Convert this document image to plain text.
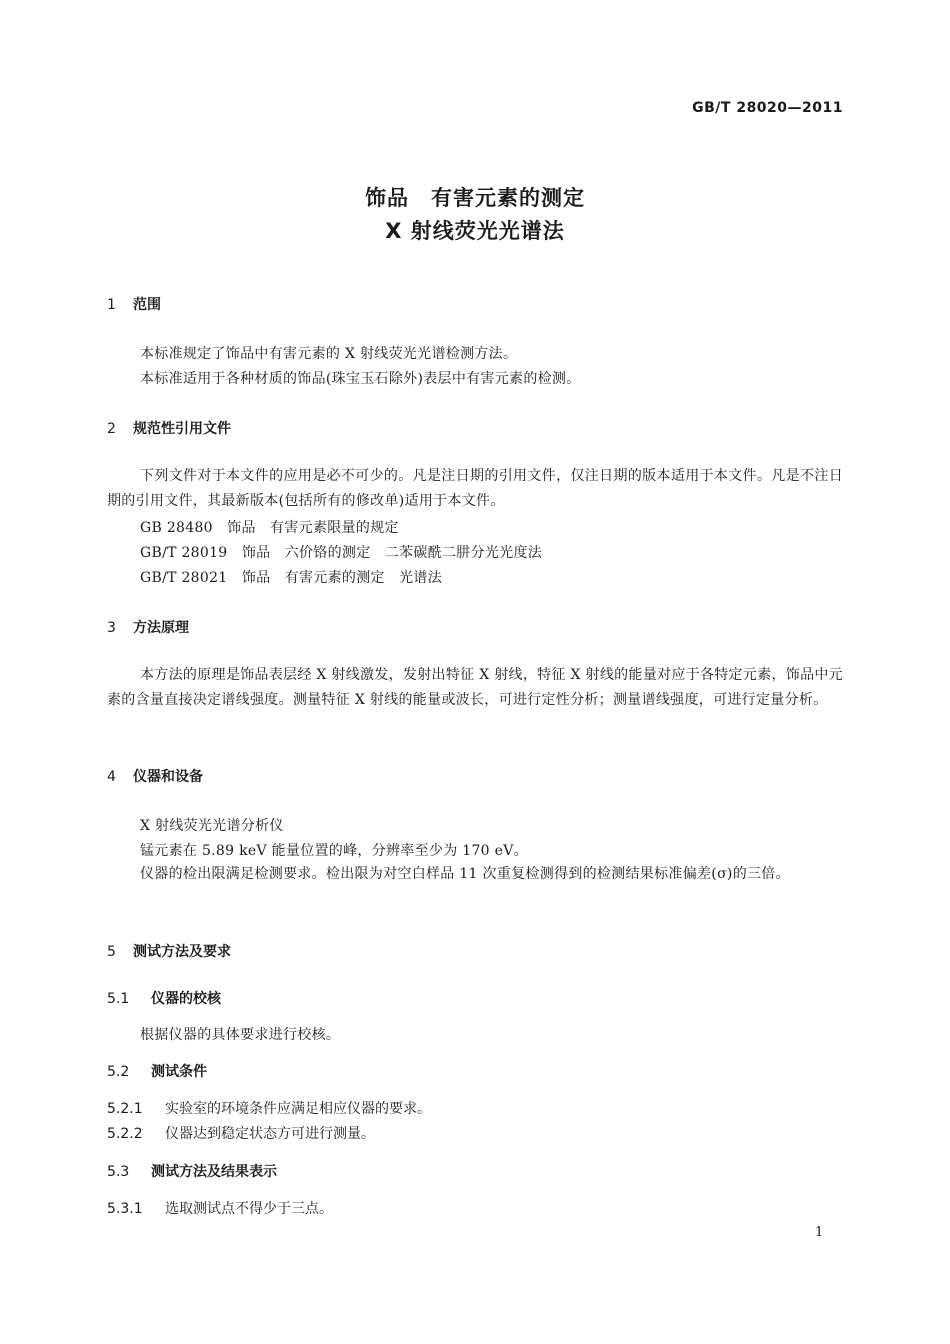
GB/T 28020—2011
饰品　有害元素的测定
X 射线荧光光谱法
1 范围
本标准规定了饰品中有害元素的 X 射线荧光光谱检测方法。
本标准适用于各种材质的饰品(珠宝玉石除外)表层中有害元素的检测。
2 规范性引用文件
下列文件对于本文件的应用是必不可少的。凡是注日期的引用文件，仅注日期的版本适用于本文件。凡是不注日期的引用文件，其最新版本(包括所有的修改单)适用于本文件。
GB 28480　饰品　有害元素限量的规定
GB/T 28019　饰品　六价铬的测定　二苯碳酰二肼分光光度法
GB/T 28021　饰品　有害元素的测定　光谱法
3 方法原理
本方法的原理是饰品表层经 X 射线激发，发射出特征 X 射线，特征 X 射线的能量对应于各特定元素，饰品中元素的含量直接决定谱线强度。测量特征 X 射线的能量或波长，可进行定性分析；测量谱线强度，可进行定量分析。
4 仪器和设备
X 射线荧光光谱分析仪
锰元素在 5.89 keV 能量位置的峰，分辨率至少为 170 eV。
仪器的检出限满足检测要求。检出限为对空白样品 11 次重复检测得到的检测结果标准偏差(σ)的三倍。
5 测试方法及要求
5.1 仪器的校核
根据仪器的具体要求进行校核。
5.2 测试条件
5.2.1 实验室的环境条件应满足相应仪器的要求。
5.2.2 仪器达到稳定状态方可进行测量。
5.3 测试方法及结果表示
5.3.1 选取测试点不得少于三点。
1
